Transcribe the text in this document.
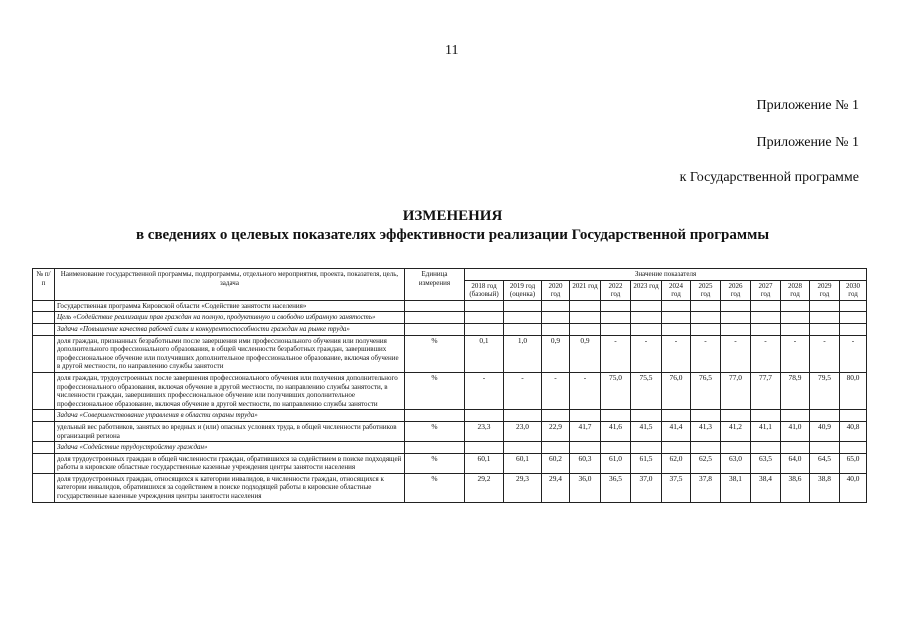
11
Приложение № 1
Приложение № 1
к Государственной программе
ИЗМЕНЕНИЯ
в сведениях о целевых показателях эффективности реализации Государственной программы
№ п/п	Наименование государственной программы, подпрограммы, отдельного мероприятия, проекта, показателя, цель, задача	Единица измерения	Значение показателя												
			2018 год (базовый)	2019 год (оценка)	2020 год	2021 год	2022 год	2023 год	2024 год	2025 год	2026 год	2027 год	2028 год	2029 год	2030 год
	Государственная программа Кировской области «Содействие занятости населения»														
	Цель «Содействие реализации прав граждан на полную, продуктивную и свободно избранную занятость»														
	Задача «Повышение качества рабочей силы и конкурентоспособности граждан на рынке труда»														
	доля граждан, признанных безработными после завершения ими профессионального обучения или получения дополнительного профессионального образования, в общей численности безработных граждан, завершивших профессиональное обучение или получивших дополнительное профессиональное образование, включая обучение в другой местности, по направлению службы занятости	%	0,1	1,0	0,9	0,9	-	-	-	-	-	-	-	-	-
	доля граждан, трудоустроенных после завершения профессионального обучения или получения дополнительного профессионального образования, включая обучение в другой местности, по направлению службы занятости, в численности граждан, завершивших профессиональное обучение или получивших дополнительное профессиональное образование, включая обучение в другой местности, по направлению службы занятости	%	-	-	-	-	75,0	75,5	76,0	76,5	77,0	77,7	78,9	79,5	80,0
	Задача «Совершенствование управления в области охраны труда»														
	удельный вес работников, занятых во вредных и (или) опасных условиях труда, в общей численности работников организаций региона	%	23,3	23,0	22,9	41,7	41,6	41,5	41,4	41,3	41,2	41,1	41,0	40,9	40,8
	Задача «Содействие трудоустройству граждан»														
	доля трудоустроенных граждан в общей численности граждан, обратившихся за содействием в поиске подходящей работы в кировские областные государственные казенные учреждения центры занятости населения	%	60,1	60,1	60,2	60,3	61,0	61,5	62,0	62,5	63,0	63,5	64,0	64,5	65,0
	доля трудоустроенных граждан, относящихся к категории инвалидов, в численности граждан, относящихся к категории инвалидов, обратившихся за содействием в поиске подходящей работы в кировские областные государственные казенные учреждения центры занятости населения	%	29,2	29,3	29,4	36,0	36,5	37,0	37,5	37,8	38,1	38,4	38,6	38,8	40,0
